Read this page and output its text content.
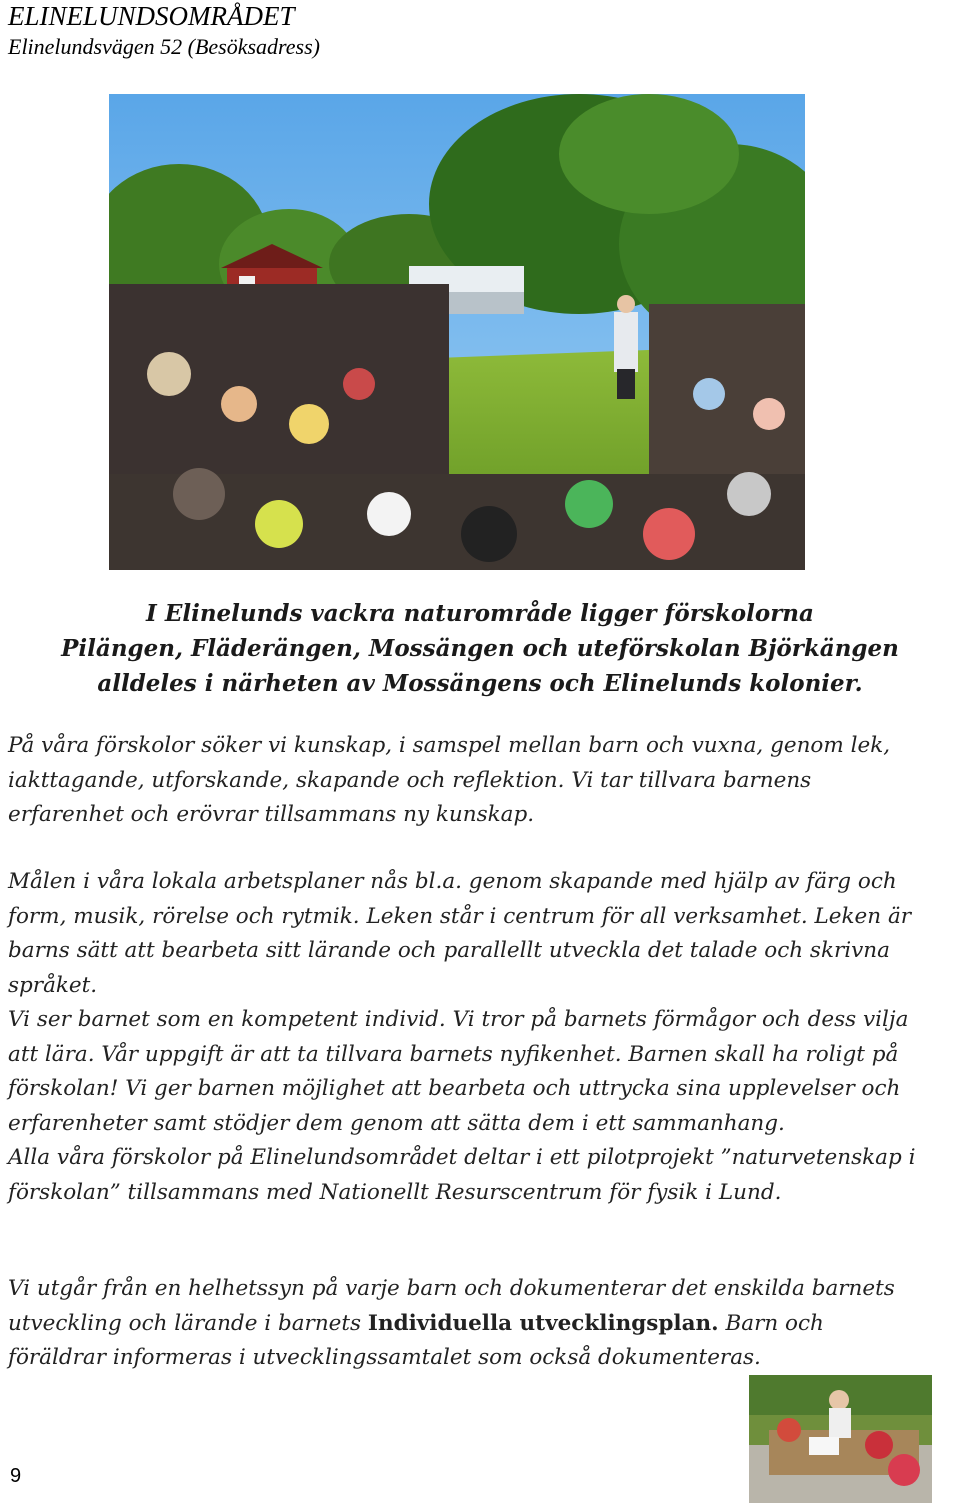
ELINELUNDSOMRÅDET
Elinelundsvägen 52 (Besöksadress)
I Elinelunds vackra naturområde ligger förskolorna
Pilängen, Fläderängen, Mossängen och uteförskolan Björkängen
alldeles i närheten av Mossängens och Elinelunds kolonier.
På våra förskolor söker vi kunskap, i samspel mellan barn och vuxna, genom lek,
iakttagande, utforskande, skapande och reflektion. Vi tar tillvara barnens
erfarenhet och erövrar tillsammans ny kunskap.
Målen i våra lokala arbetsplaner nås bl.a. genom skapande med hjälp av färg och
form, musik, rörelse och rytmik. Leken står i centrum för all verksamhet. Leken är
barns sätt att bearbeta sitt lärande och parallellt utveckla det talade och skrivna
språket.
Vi ser barnet som en kompetent individ. Vi tror på barnets förmågor och dess vilja
att lära. Vår uppgift är att ta tillvara barnets nyfikenhet. Barnen skall ha roligt på
förskolan! Vi ger barnen möjlighet att bearbeta och uttrycka sina upplevelser och
erfarenheter samt stödjer dem genom att sätta dem i ett sammanhang.
Alla våra förskolor på Elinelundsområdet deltar i ett pilotprojekt ”naturvetenskap i
förskolan” tillsammans med Nationellt Resurscentrum för fysik i Lund.
Vi utgår från en helhetssyn på varje barn och dokumenterar det enskilda barnets
utveckling och lärande i barnets Individuella utvecklingsplan. Barn och
föräldrar informeras i utvecklingssamtalet som också dokumenteras.
9
